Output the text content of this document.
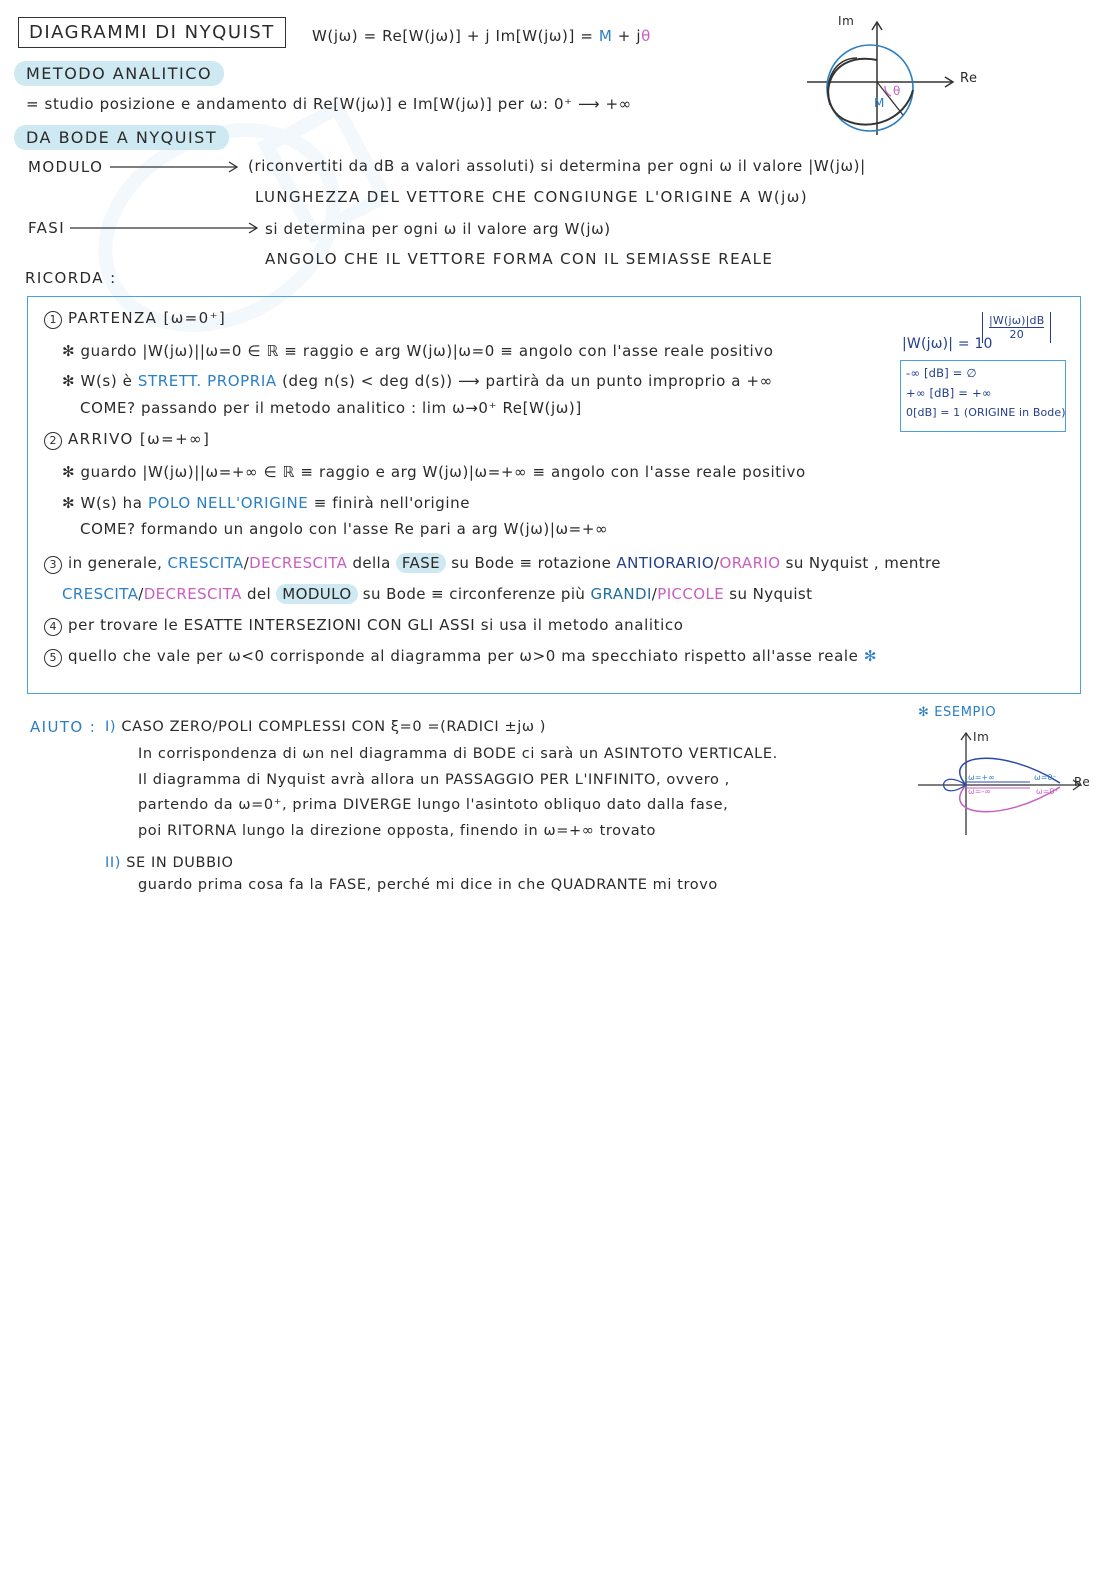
DIAGRAMMI DI NYQUIST	W(jω) = Re[W(jω)] + j Im[W(jω)] = M + jθ
Im
Re
M
θ
METODO ANALITICO
= studio posizione e andamento di Re[W(jω)] e Im[W(jω)] per ω: 0⁺ ⟶ +∞
DA BODE A NYQUIST
MODULO	(riconvertiti da dB a valori assoluti) si determina per ogni ω il valore |W(jω)|
LUNGHEZZA DEL VETTORE CHE CONGIUNGE L'ORIGINE A W(jω)
FASI	si determina per ogni ω il valore arg W(jω)
ANGOLO CHE IL VETTORE FORMA CON IL SEMIASSE REALE
RICORDA :
1 PARTENZA [ω=0⁺]
✻ guardo |W(jω)||ω=0 ∈ ℝ ≡ raggio e arg W(jω)|ω=0 ≡ angolo con l'asse reale positivo
✻ W(s) è STRETT. PROPRIA (deg n(s) < deg d(s)) ⟶ partirà da un punto improprio a +∞
COME? passando per il metodo analitico : lim ω→0⁺ Re[W(jω)]
2 ARRIVO [ω=+∞]
✻ guardo |W(jω)||ω=+∞ ∈ ℝ ≡ raggio e arg W(jω)|ω=+∞ ≡ angolo con l'asse reale positivo
✻ W(s) ha POLO NELL'ORIGINE ≡ finirà nell'origine
COME? formando un angolo con l'asse Re pari a arg W(jω)|ω=+∞
3 in generale, CRESCITA/DECRESCITA della FASE su Bode ≡ rotazione ANTIORARIO/ORARIO su Nyquist , mentre
CRESCITA/DECRESCITA del MODULO su Bode ≡ circonferenze più GRANDI/PICCOLE su Nyquist
4 per trovare le ESATTE INTERSEZIONI CON GLI ASSI si usa il metodo analitico
5 quello che vale per ω<0 corrisponde al diagramma per ω>0 ma specchiato rispetto all'asse reale ✻
|W(jω)| = 10
|W(jω)|dB
20
-∞ [dB] = ∅
+∞ [dB] = +∞
0[dB] = 1 (ORIGINE in Bode)
AIUTO : I) CASO ZERO/POLI COMPLESSI CON ξ=0 =(RADICI ±jω )
In corrispondenza di ωn nel diagramma di BODE ci sarà un ASINTOTO VERTICALE.
Il diagramma di Nyquist avrà allora un PASSAGGIO PER L'INFINITO, ovvero ,
partendo da ω=0⁺, prima DIVERGE lungo l'asintoto obliquo dato dalla fase,
poi RITORNA lungo la direzione opposta, finendo in ω=+∞ trovato
II) SE IN DUBBIO
guardo prima cosa fa la FASE, perché mi dice in che QUADRANTE mi trovo
✻ ESEMPIO
Im
Re
ω=+∞
ω=-∞
ω=0⁻
ω=0⁺
